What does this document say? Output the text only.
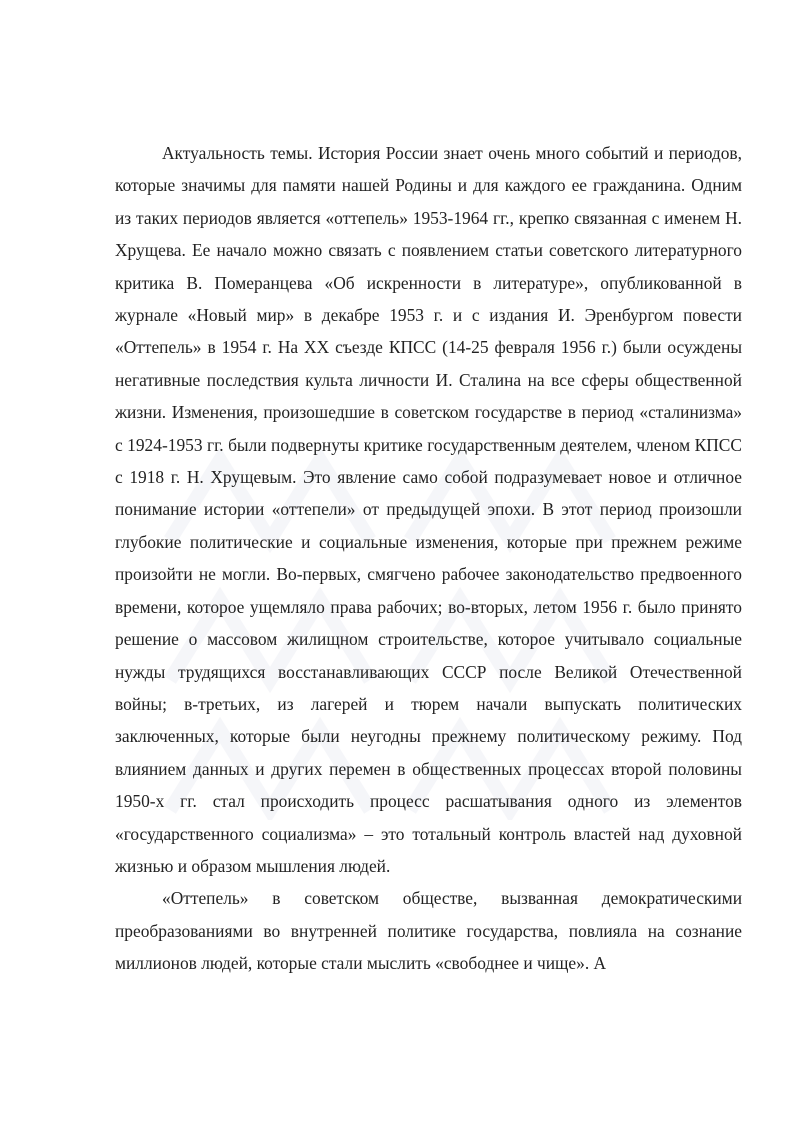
Актуальность темы. История России знает очень много событий и периодов, которые значимы для памяти нашей Родины и для каждого ее гражданина. Одним из таких периодов является «оттепель» 1953-1964 гг., крепко связанная с именем Н. Хрущева. Ее начало можно связать с появлением статьи советского литературного критика В. Померанцева «Об искренности в литературе», опубликованной в журнале «Новый мир» в декабре 1953 г. и с издания И. Эренбургом повести «Оттепель» в 1954 г. На XX съезде КПСС (14-25 февраля 1956 г.) были осуждены негативные последствия культа личности И. Сталина на все сферы общественной жизни. Изменения, произошедшие в советском государстве в период «сталинизма» с 1924-1953 гг. были подвернуты критике государственным деятелем, членом КПСС с 1918 г. Н. Хрущевым. Это явление само собой подразумевает новое и отличное понимание истории «оттепели» от предыдущей эпохи. В этот период произошли глубокие политические и социальные изменения, которые при прежнем режиме произойти не могли. Во-первых, смягчено рабочее законодательство предвоенного времени, которое ущемляло права рабочих; во-вторых, летом 1956 г. было принято решение о массовом жилищном строительстве, которое учитывало социальные нужды трудящихся восстанавливающих СССР после Великой Отечественной войны; в-третьих, из лагерей и тюрем начали выпускать политических заключенных, которые были неугодны прежнему политическому режиму. Под влиянием данных и других перемен в общественных процессах второй половины 1950-х гг. стал происходить процесс расшатывания одного из элементов «государственного социализма» – это тотальный контроль властей над духовной жизнью и образом мышления людей.

«Оттепель» в советском обществе, вызванная демократическими преобразованиями во внутренней политике государства, повлияла на сознание миллионов людей, которые стали мыслить «свободнее и чище». А
